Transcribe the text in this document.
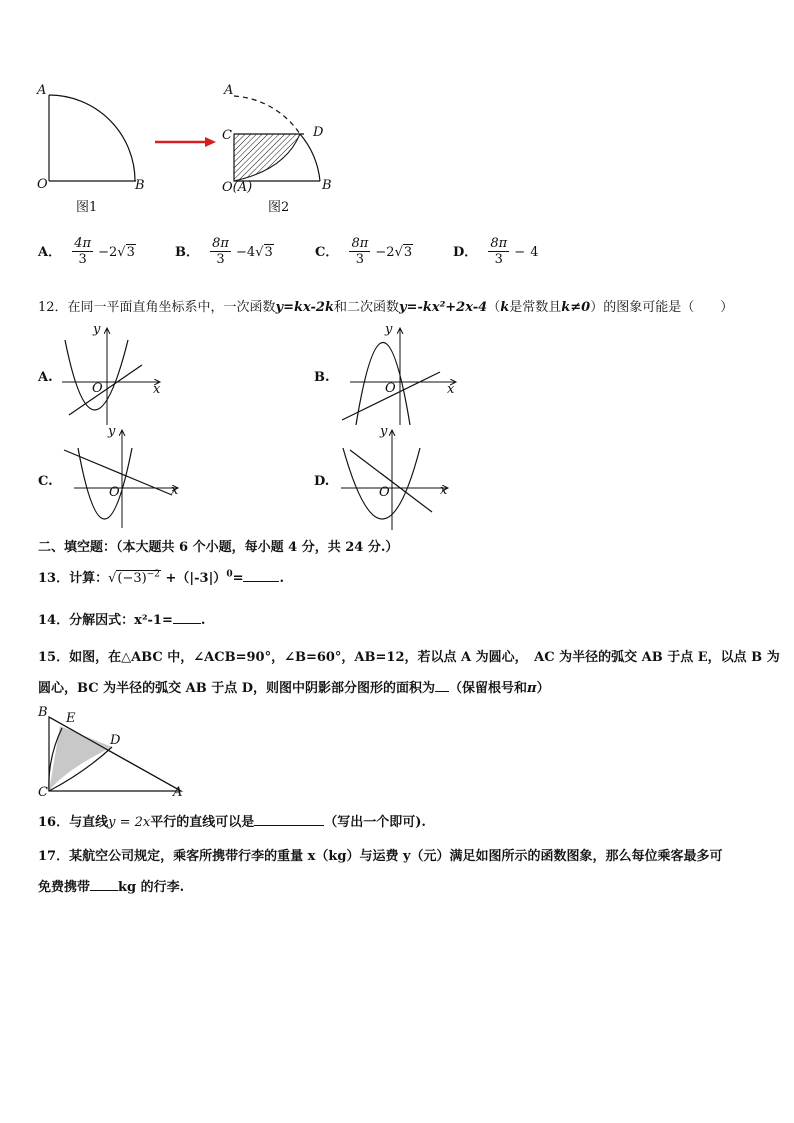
A
O	B
图1
A
C	D
O(A)	B
图2
A． $\frac{4\pi}{3} -2√3$	B． $\frac{8\pi}{3} -4√3$	C． $\frac{8\pi}{3} -2√3$	D． $\frac{8\pi}{3} - 4$
12．在同一平面直角坐标系中，一次函数y=kx-2k和二次函数y=-kx²+2x-4（k是常数且k≠0）的图象可能是（　　）
A.	B.
C.	D.
y
x
O
y
x
O
y
x
O
y
x
O
二、填空题：（本大题共 6 个小题，每小题 4 分，共 24 分.）
13．计算：$√(-3)^{-2} +(|-3|)^0=$	.
14．分解因式：x²-1= .
15．如图，在△ABC 中，∠ACB=90°，∠B=60°，AB=12，若以点 A 为圆心，　AC 为半径的弧交 AB 于点 E，以点 B 为
圆心，BC 为半径的弧交 AB 于点 D，则图中阴影部分图形的面积为 （保留根号和π）
B E
D
C	A
16．与直线y = 2x平行的直线可以是	（写出一个即可).
17．某航空公司规定，乘客所携带行李的重量 x（kg）与运费 y（元）满足如图所示的函数图象，那么每位乘客最多可
免费携带 kg 的行李.
